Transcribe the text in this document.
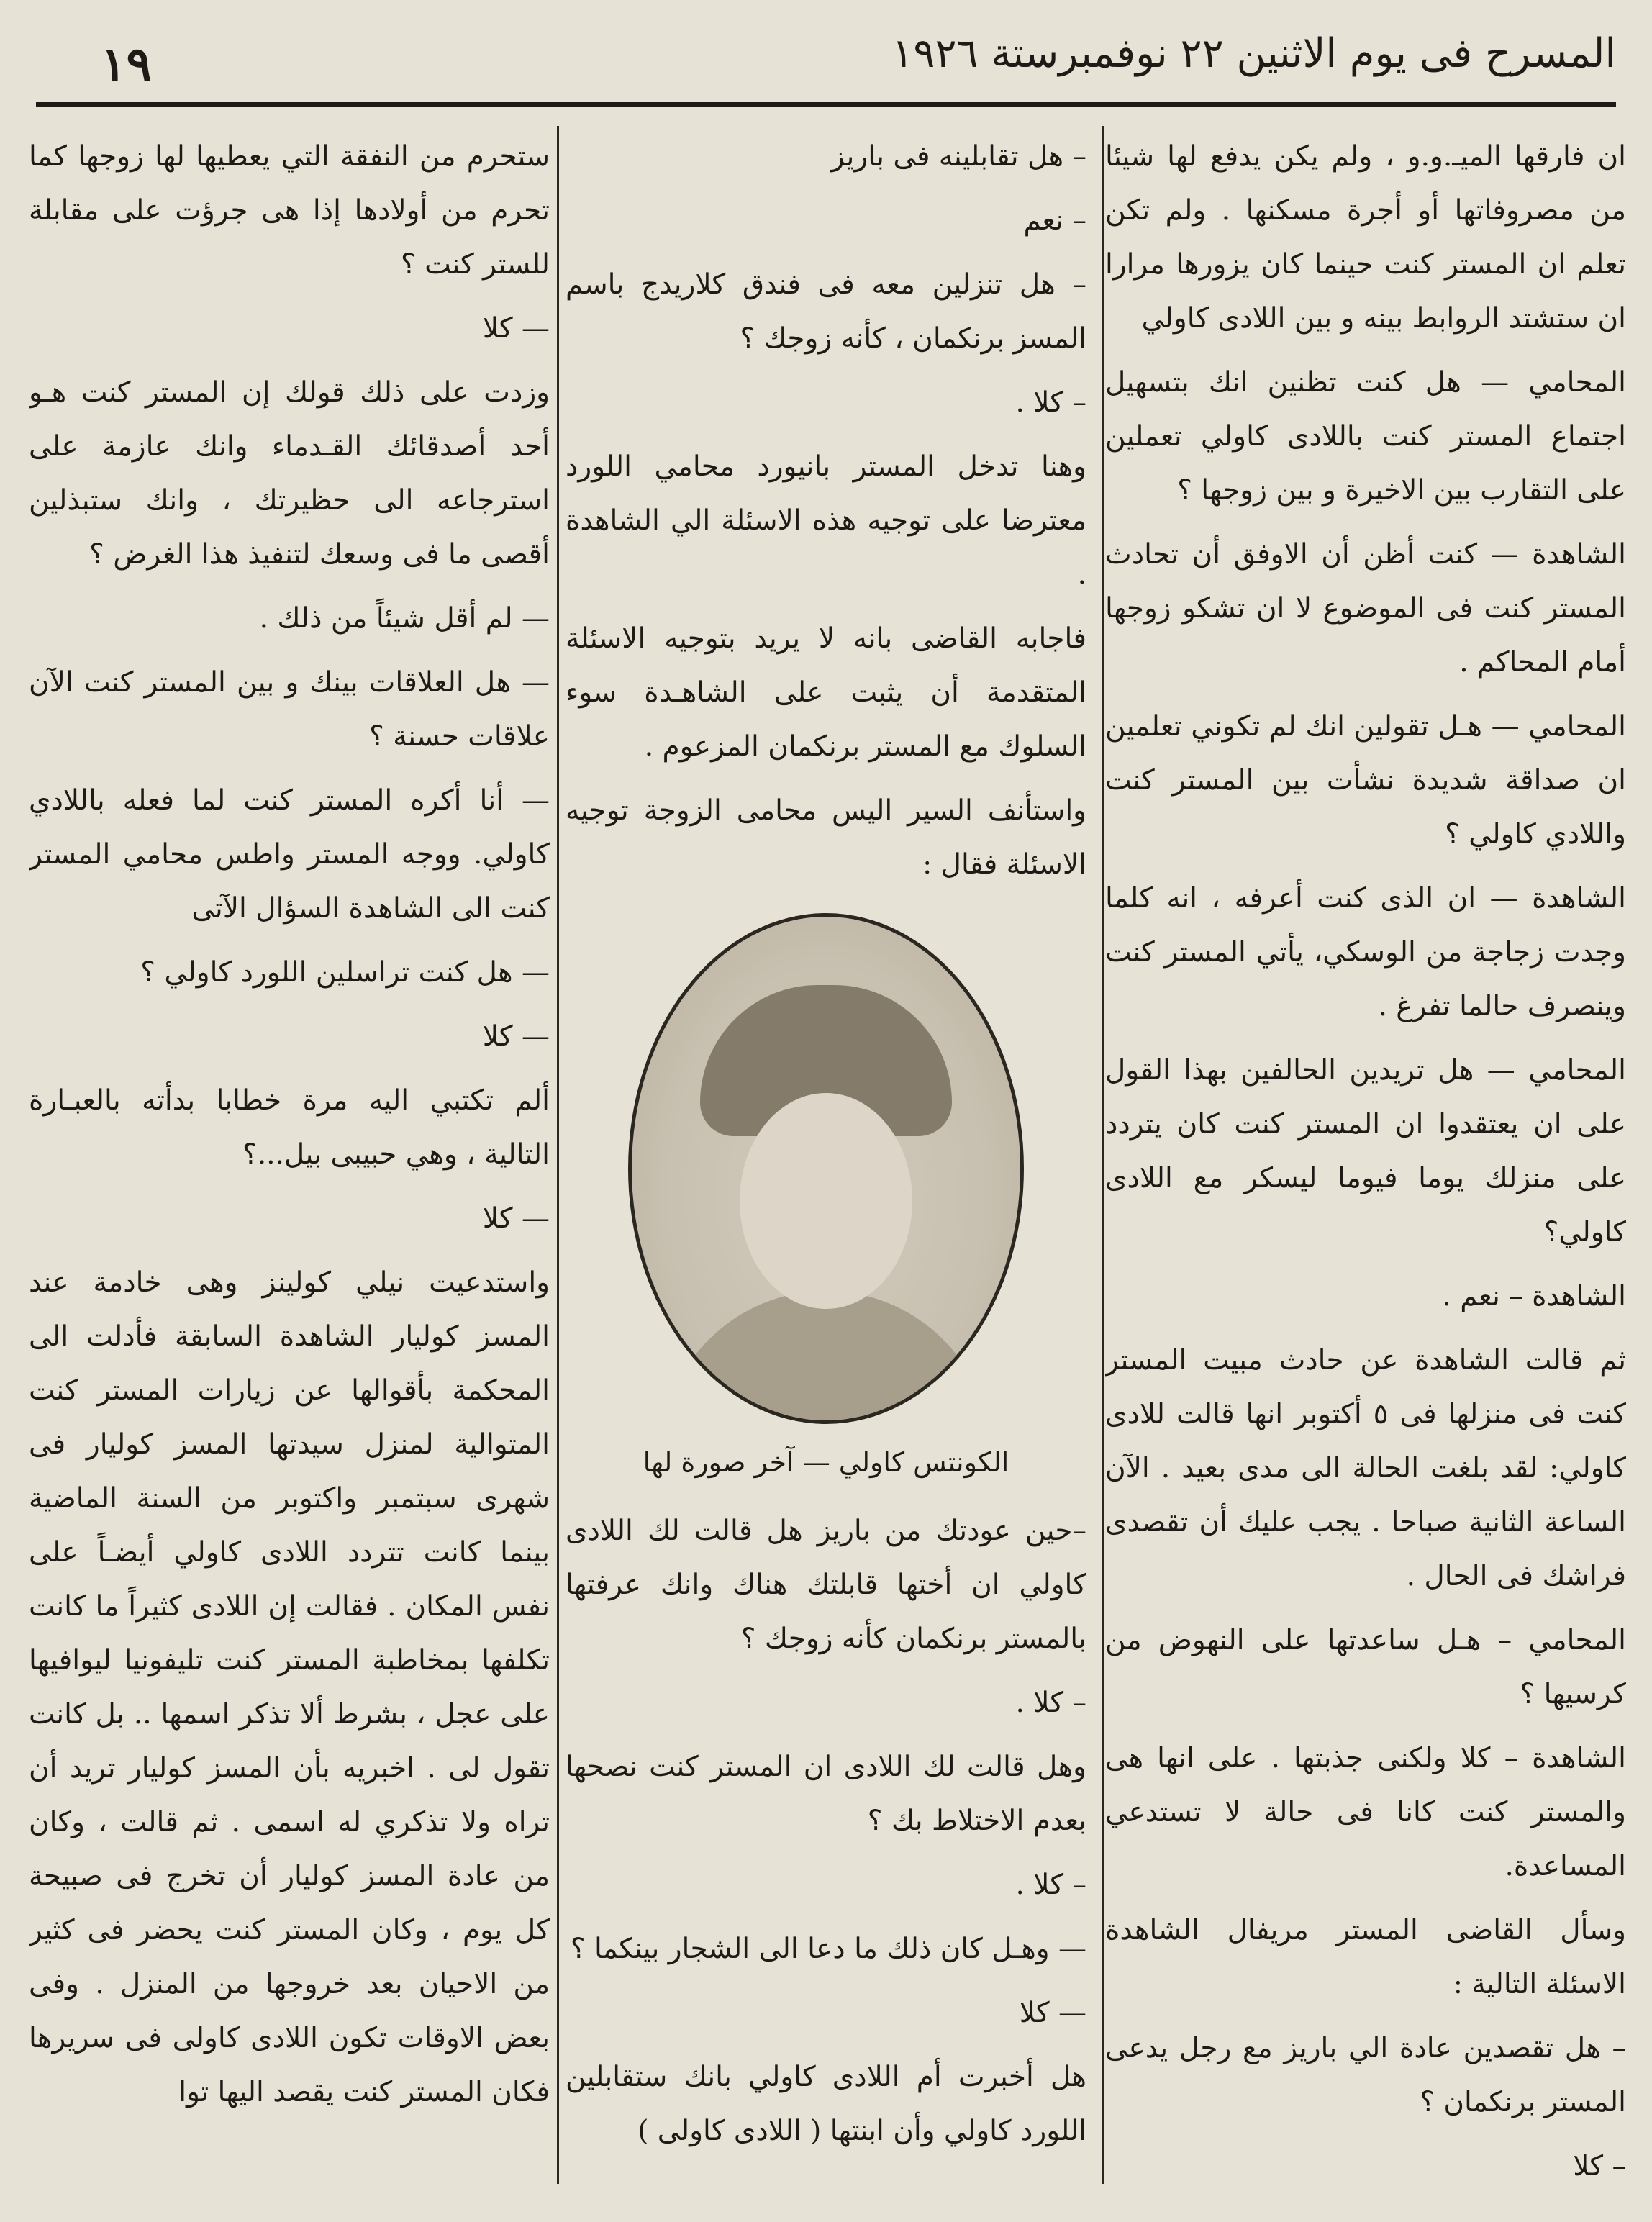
١٩	المسرح فى يوم الاثنين ٢٢ نوفمبرستة ١٩٢٦

ان فارقها الميـ.و.و ، ولم يكن يدفع لها شيئا من مصروفاتها أو أجرة مسكنها . ولم تكن تعلم ان المستر كنت حينما كان يزورها مرارا ان ستشتد الروابط بينه و بين اللادى كاولي

المحامي — هل كنت تظنين انك بتسهيل اجتماع المستر كنت باللادى كاولي تعملين على التقارب بين الاخيرة و بين زوجها ؟

الشاهدة — كنت أظن أن الاوفق أن تحادث المستر كنت فى الموضوع لا ان تشكو زوجها أمام المحاكم .

المحامي — هـل تقولين انك لم تكوني تعلمين ان صداقة شديدة نشأت بين المستر كنت واللادي كاولي ؟

الشاهدة — ان الذى كنت أعرفه ، انه كلما وجدت زجاجة من الوسكي، يأتي المستر كنت وينصرف حالما تفرغ .

المحامي — هل تريدين الحالفين بهذا القول على ان يعتقدوا ان المستر كنت كان يتردد على منزلك يوما فيوما ليسكر مع اللادى كاولي؟

الشاهدة – نعم .

ثم قالت الشاهدة عن حادث مبيت المستر كنت فى منزلها فى ٥ أكتوبر انها قالت للادى كاولي: لقد بلغت الحالة الى مدى بعيد . الآن الساعة الثانية صباحا . يجب عليك أن تقصدى فراشك فى الحال .

المحامي – هـل ساعدتها على النهوض من كرسيها ؟

الشاهدة – كلا ولكنى جذبتها . على انها هى والمستر كنت كانا فى حالة لا تستدعي المساعدة.

وسأل القاضى المستر مريفال الشاهدة الاسئلة التالية :

– هل تقصدين عادة الي باريز مع رجل يدعى المستر برنكمان ؟

– كلا

– هل تقابلينه فى باريز

– نعم

– هل تنزلين معه فى فندق كلاريدج باسم المسز برنكمان ، كأنه زوجك ؟

– كلا .

وهنا تدخل المستر بانيورد محامي اللورد معترضا على توجيه هذه الاسئلة الي الشاهدة .

فاجابه القاضى بانه لا يريد بتوجيه الاسئلة المتقدمة أن يثبت على الشاهـدة سوء السلوك مع المستر برنكمان المزعوم .

واستأنف السير اليس محامى الزوجة توجيه الاسئلة فقال :

الكونتس كاولي — آخر صورة لها

–حين عودتك من باريز هل قالت لك اللادى كاولي ان أختها قابلتك هناك وانك عرفتها بالمستر برنكمان كأنه زوجك ؟

– كلا .

وهل قالت لك اللادى ان المستر كنت نصحها بعدم الاختلاط بك ؟

– كلا .

— وهـل كان ذلك ما دعا الى الشجار بينكما ؟

— كلا

هل أخبرت أم اللادى كاولي بانك ستقابلين اللورد كاولي وأن ابنتها ( اللادى كاولى )

ستحرم من النفقة التي يعطيها لها زوجها كما تحرم من أولادها إذا هى جرؤت على مقابلة للستر كنت ؟

— كلا

وزدت على ذلك قولك إن المستر كنت هـو أحد أصدقائك القـدماء وانك عازمة على استرجاعه الى حظيرتك ، وانك ستبذلين أقصى ما فى وسعك لتنفيذ هذا الغرض ؟

— لم أقل شيئاً من ذلك .

— هل العلاقات بينك و بين المستر كنت الآن علاقات حسنة ؟

— أنا أكره المستر كنت لما فعله باللادي كاولي. ووجه المستر واطس محامي المستر كنت الى الشاهدة السؤال الآتى

— هل كنت تراسلين اللورد كاولي ؟

— كلا

ألم تكتبي اليه مرة خطابا بدأته بالعبـارة التالية ، وهي حبيبى بيل...؟

— كلا

واستدعيت نيلي كولينز وهى خادمة عند المسز كوليار الشاهدة السابقة فأدلت الى المحكمة بأقوالها عن زيارات المستر كنت المتوالية لمنزل سيدتها المسز كوليار فى شهرى سبتمبر واكتوبر من السنة الماضية بينما كانت تتردد اللادى كاولي أيضـاً على نفس المكان . فقالت إن اللادى كثيراً ما كانت تكلفها بمخاطبة المستر كنت تليفونيا ليوافيها على عجل ، بشرط ألا تذكر اسمها .. بل كانت تقول لى . اخبريه بأن المسز كوليار تريد أن تراه ولا تذكري له اسمى . ثم قالت ، وكان من عادة المسز كوليار أن تخرج فى صبيحة كل يوم ، وكان المستر كنت يحضر فى كثير من الاحيان بعد خروجها من المنزل . وفى بعض الاوقات تكون اللادى كاولى فى سريرها فكان المستر كنت يقصد اليها توا
